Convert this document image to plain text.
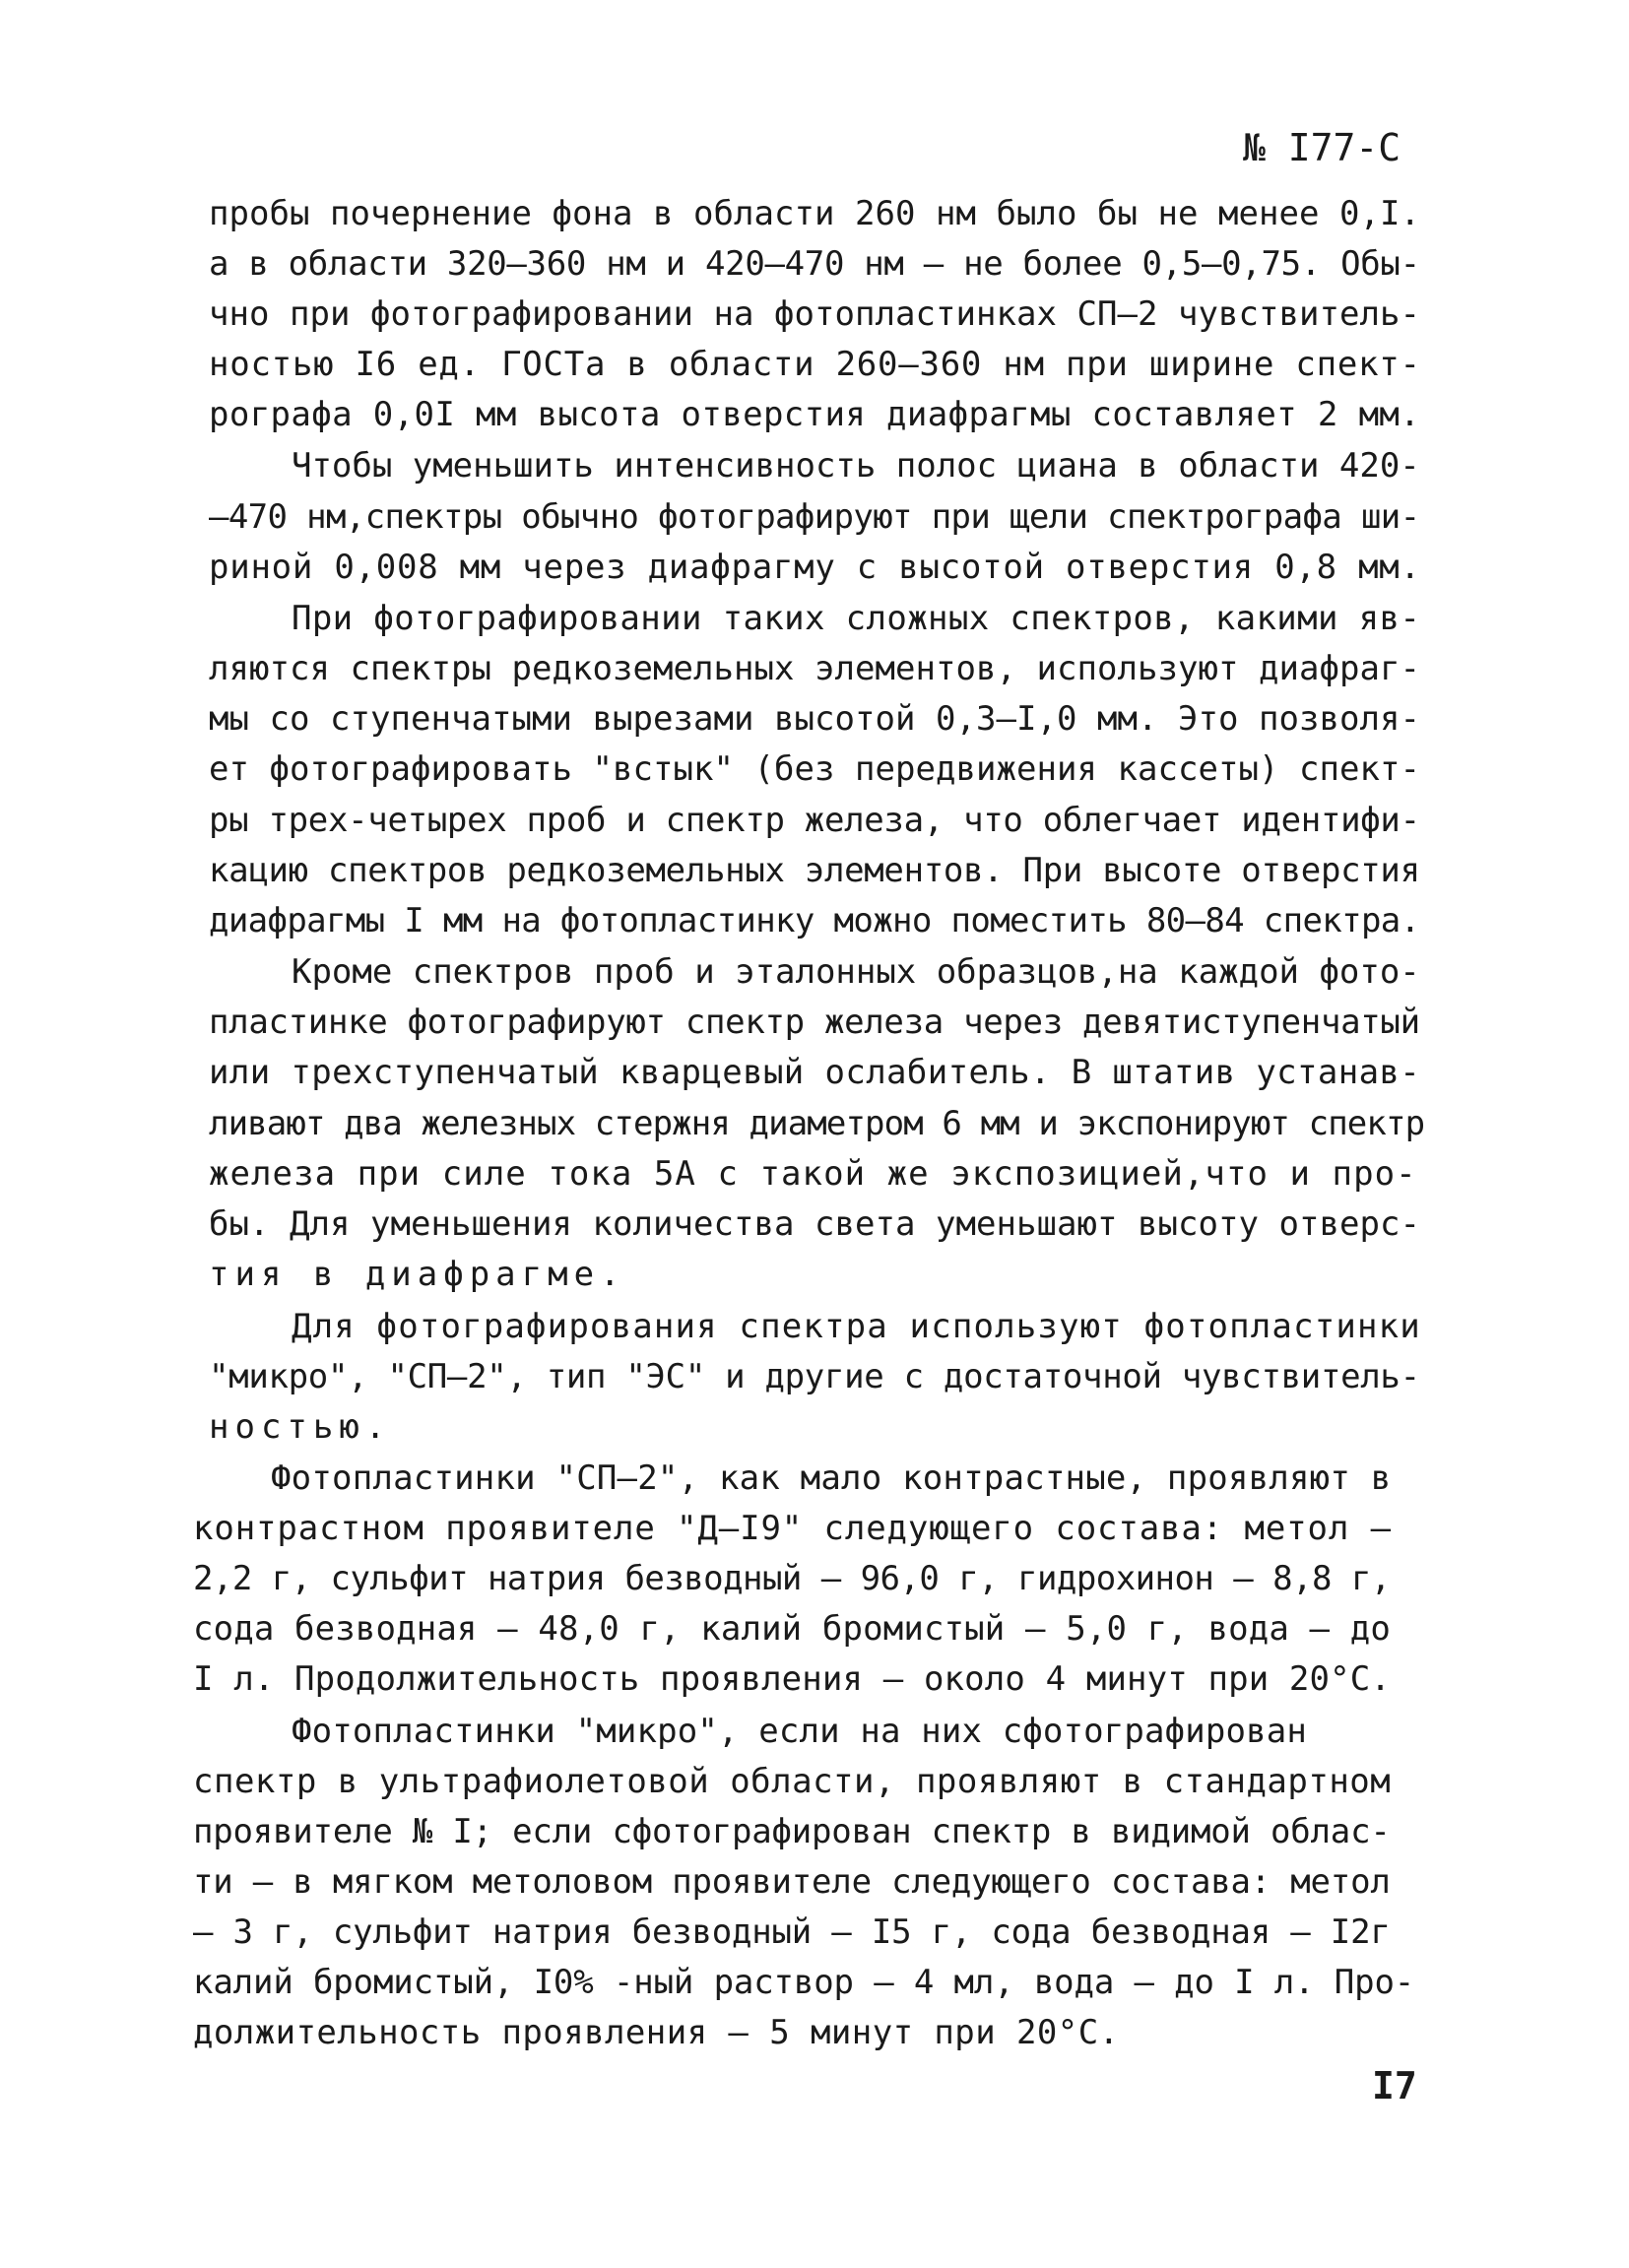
№ I77-С
пробы почернение фона в области 260 нм было бы не менее 0,I.
а в области 320–360 нм и 420–470 нм – не более 0,5–0,75. Обы-
чно при фотографировании на фотопластинках СП–2 чувствитель-
ностью I6 ед. ГОСТа в области 260–360 нм при ширине спект-
рографа 0,0I мм высота отверстия диафрагмы составляет 2 мм.
Чтобы уменьшить интенсивность полос циана в области 420-
–470 нм,спектры обычно фотографируют при щели спектрографа ши-
риной 0,008 мм через диафрагму с высотой отверстия 0,8 мм.
При фотографировании таких сложных спектров, какими яв-
ляются спектры редкоземельных элементов, используют диафраг-
мы со ступенчатыми вырезами высотой 0,3–I,0 мм. Это позволя-
ет фотографировать "встык" (без передвижения кассеты) спект-
ры трех-четырех проб и спектр железа, что облегчает идентифи-
кацию спектров редкоземельных элементов. При высоте отверстия
диафрагмы I мм на фотопластинку можно поместить 80–84 спектра.
Кроме спектров проб и эталонных образцов,на каждой фото-
пластинке фотографируют спектр железа через девятиступенчатый
или трехступенчатый кварцевый ослабитель. В штатив устанав-
ливают два железных стержня диаметром 6 мм и экспонируют спектр
железа при силе тока 5А с такой же экспозицией,что и про-
бы. Для уменьшения количества света уменьшают высоту отверс-
тия в диафрагме.
Для фотографирования спектра используют фотопластинки
"микро", "СП–2", тип "ЭС" и другие с достаточной чувствитель-
ностью.
Фотопластинки "СП–2", как мало контрастные, проявляют в
контрастном проявителе "Д–I9" следующего состава: метол –
2,2 г, сульфит натрия безводный – 96,0 г, гидрохинон – 8,8 г,
сода безводная – 48,0 г, калий бромистый – 5,0 г, вода – до
I л. Продолжительность проявления – около 4 минут при 20°С.
Фотопластинки "микро", если на них сфотографирован
спектр в ультрафиолетовой области, проявляют в стандартном
проявителе № I; если сфотографирован спектр в видимой облас-
ти – в мягком метоловом проявителе следующего состава: метол
– 3 г, сульфит натрия безводный – I5 г, сода безводная – I2г
калий бромистый, I0% -ный раствор – 4 мл, вода – до I л. Про-
должительность проявления – 5 минут при 20°С.
I7
